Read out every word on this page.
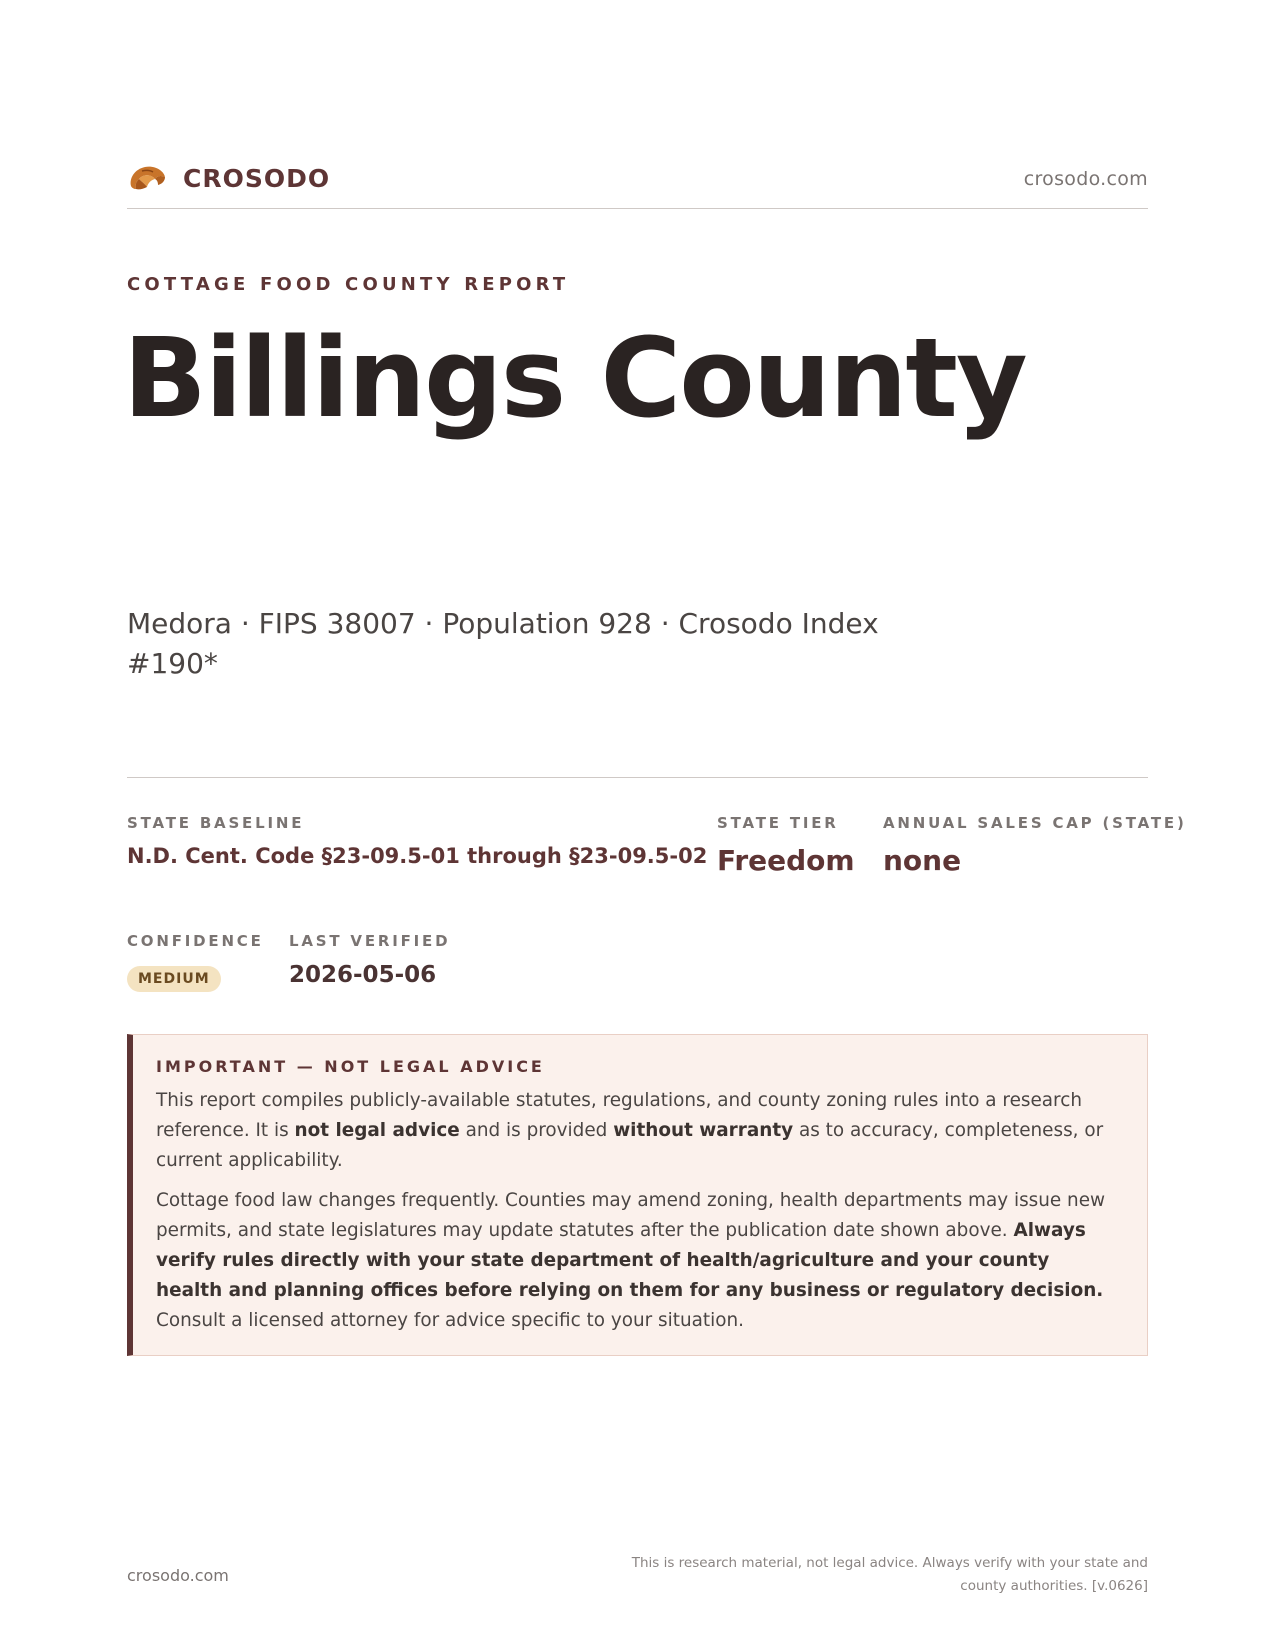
CROSODO	crosodo.com
COTTAGE FOOD COUNTY REPORT
Billings County
Medora · FIPS 38007 · Population 928 · Crosodo Index #190*
STATE BASELINE
N.D. Cent. Code §23-09.5-01 through §23-09.5-02
STATE TIER
Freedom
ANNUAL SALES CAP (STATE)
none
CONFIDENCE
MEDIUM
LAST VERIFIED
2026-05-06
IMPORTANT — NOT LEGAL ADVICE

This report compiles publicly-available statutes, regulations, and county zoning rules into a research reference. It is not legal advice and is provided without warranty as to accuracy, completeness, or current applicability.

Cottage food law changes frequently. Counties may amend zoning, health departments may issue new permits, and state legislatures may update statutes after the publication date shown above. Always verify rules directly with your state department of health/agriculture and your county health and planning offices before relying on them for any business or regulatory decision. Consult a licensed attorney for advice specific to your situation.

crosodo.com
This is research material, not legal advice. Always verify with your state and county authorities. [v.0626]
